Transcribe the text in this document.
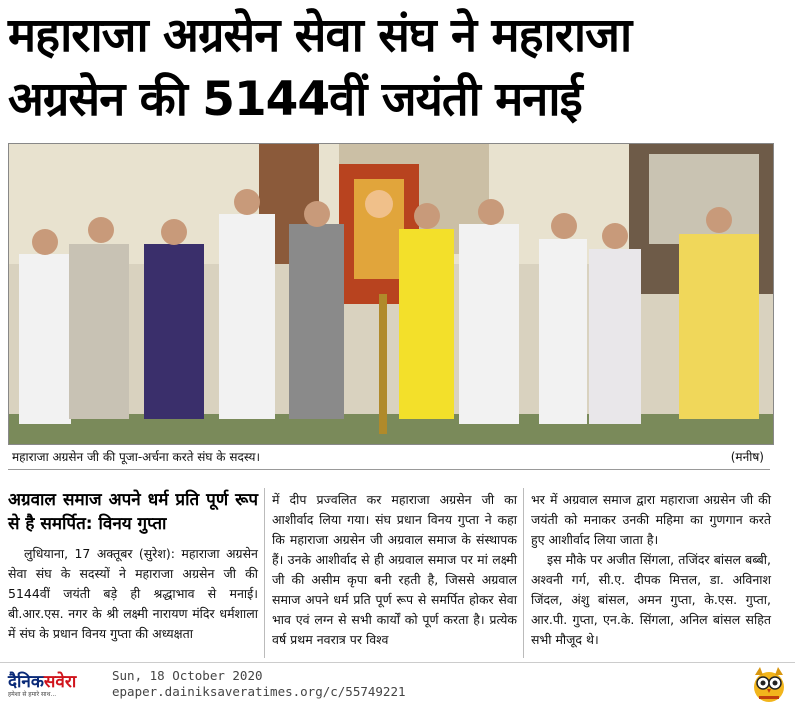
महाराजा अग्रसेन सेवा संघ ने महाराजा
अग्रसेन की 5144वीं जयंती मनाई
महाराजा अग्रसेन जी की पूजा-अर्चना करते संघ के सदस्य।	(मनीष)
अग्रवाल समाज अपने धर्म प्रति पूर्ण रूप से है समर्पित: विनय गुप्ता

लुधियाना, 17 अक्तूबर (सुरेश): महाराजा अग्रसेन सेवा संघ के सदस्यों ने महाराजा अग्रसेन जी की 5144वीं जयंती बड़े ही श्रद्धाभाव से मनाई। बी.आर.एस. नगर के श्री लक्ष्मी नारायण मंदिर धर्मशाला में संघ के प्रधान विनय गुप्ता की अध्यक्षता

में दीप प्रज्वलित कर महाराजा अग्रसेन जी का आशीर्वाद लिया गया। संघ प्रधान विनय गुप्ता ने कहा कि महाराजा अग्रसेन जी अग्रवाल समाज के संस्थापक हैं। उनके आशीर्वाद से ही अग्रवाल समाज पर मां लक्ष्मी जी की असीम कृपा बनी रहती है, जिससे अग्रवाल समाज अपने धर्म प्रति पूर्ण रूप से समर्पित होकर सेवा भाव एवं लग्न से सभी कार्यों को पूर्ण करता है। प्रत्येक वर्ष प्रथम नवरात्र पर विश्व

भर में अग्रवाल समाज द्वारा महाराजा अग्रसेन जी की जयंती को मनाकर उनकी महिमा का गुणगान करते हुए आशीर्वाद लिया जाता है।

इस मौके पर अजीत सिंगला, तजिंदर बांसल बब्बी, अश्वनी गर्ग, सी.ए. दीपक मित्तल, डा. अविनाश जिंदल, अंशु बांसल, अमन गुप्ता, के.एस. गुप्ता, आर.पी. गुप्ता, एन.के. सिंगला, अनिल बांसल सहित सभी मौजूद थे।

दैनिकसवेरा
हमेशा से हमारे साथ...
Sun, 18 October 2020
epaper.dainiksaveratimes.org/c/55749221
